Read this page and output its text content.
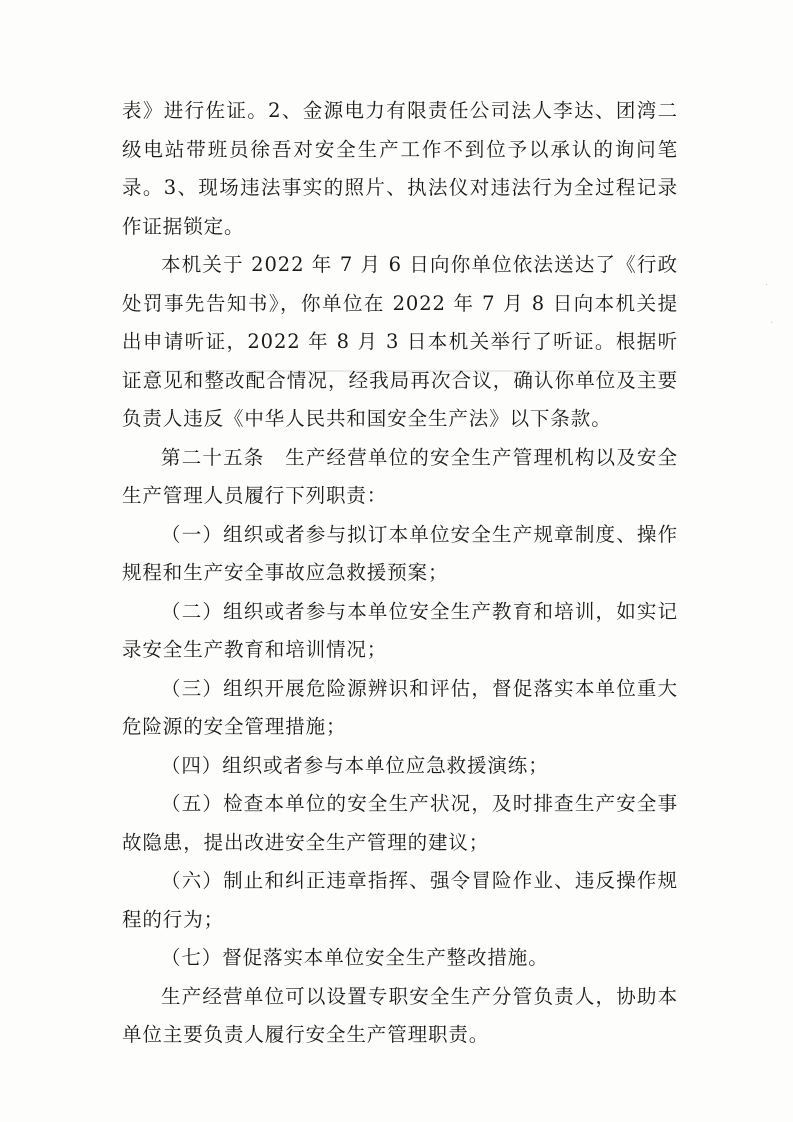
·
·

表》进行佐证。2、金源电力有限责任公司法人李达、团湾二级电站带班员徐吾对安全生产工作不到位予以承认的询问笔录。3、现场违法事实的照片、执法仪对违法行为全过程记录作证据锁定。

本机关于 2022 年 7 月 6 日向你单位依法送达了《行政处罚事先告知书》，你单位在 2022 年 7 月 8 日向本机关提出申请听证，2022 年 8 月 3 日本机关举行了听证。根据听证意见和整改配合情况，经我局再次合议，确认你单位及主要负责人违反《中华人民共和国安全生产法》以下条款。

第二十五条　生产经营单位的安全生产管理机构以及安全生产管理人员履行下列职责：

（一）组织或者参与拟订本单位安全生产规章制度、操作规程和生产安全事故应急救援预案；

（二）组织或者参与本单位安全生产教育和培训，如实记录安全生产教育和培训情况；

（三）组织开展危险源辨识和评估，督促落实本单位重大危险源的安全管理措施；

（四）组织或者参与本单位应急救援演练；

（五）检查本单位的安全生产状况，及时排查生产安全事故隐患，提出改进安全生产管理的建议；

（六）制止和纠正违章指挥、强令冒险作业、违反操作规程的行为；

（七）督促落实本单位安全生产整改措施。

生产经营单位可以设置专职安全生产分管负责人，协助本单位主要负责人履行安全生产管理职责。
